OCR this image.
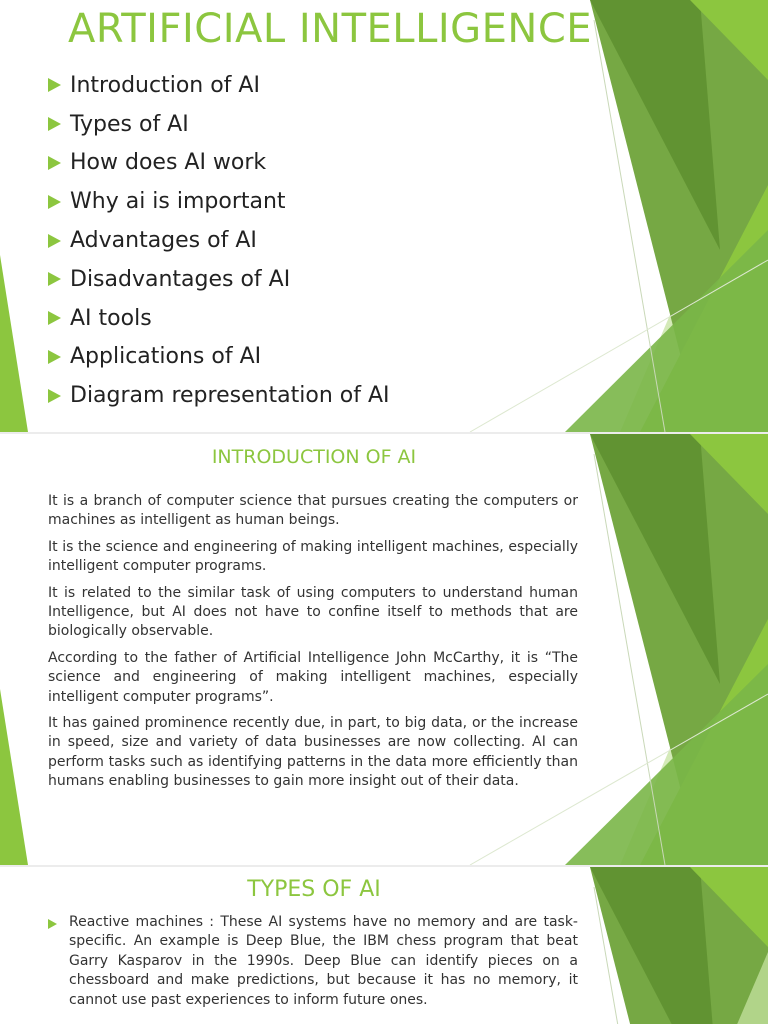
ARTIFICIAL INTELLIGENCE
Introduction of AI
Types of AI
How does AI work
Why ai is important
Advantages of AI
Disadvantages of AI
AI tools
Applications of AI
Diagram representation of AI
INTRODUCTION OF AI

It is a branch of computer science that pursues creating the computers or machines as intelligent as human beings.

It is the science and engineering of making intelligent machines, especially intelligent computer programs.

It is related to the similar task of using computers to understand human Intelligence, but AI does not have to confine itself to methods that are biologically observable.

According to the father of Artificial Intelligence John McCarthy, it is “The science and engineering of making intelligent machines, especially intelligent computer programs”.

It has gained prominence recently due, in part, to big data, or the increase in speed, size and variety of data businesses are now collecting. AI can perform tasks such as identifying patterns in the data more efficiently than humans enabling businesses to gain more insight out of their data.

TYPES OF AI

Reactive machines : These AI systems have no memory and are task-specific. An example is Deep Blue, the IBM chess program that beat Garry Kasparov in the 1990s. Deep Blue can identify pieces on a chessboard and make predictions, but because it has no memory, it cannot use past experiences to inform future ones.
